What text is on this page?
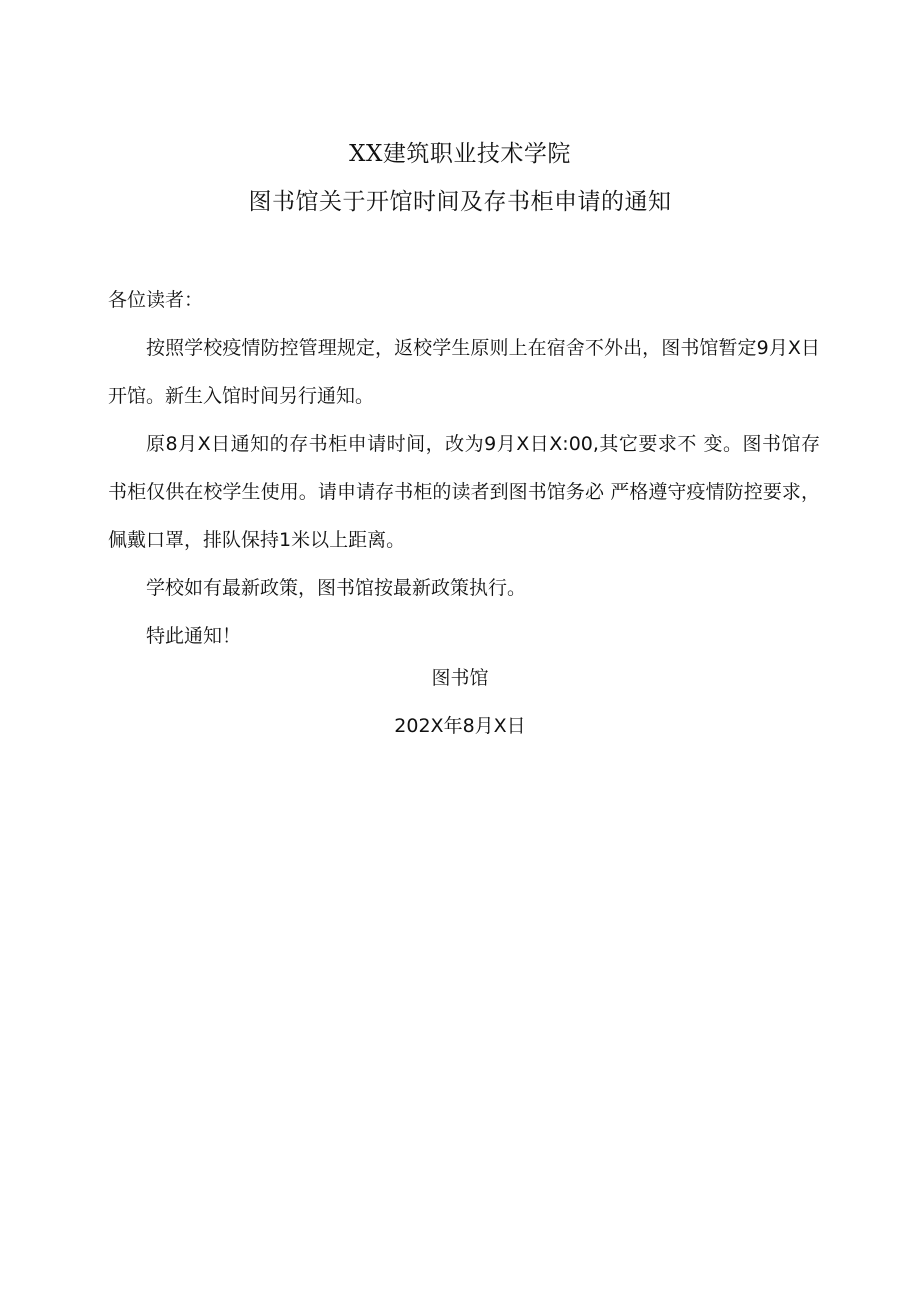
XX建筑职业技术学院
图书馆关于开馆时间及存书柜申请的通知
各位读者：

按照学校疫情防控管理规定，返校学生原则上在宿舍不外出，图书馆暂定9月X日开馆。新生入馆时间另行通知。

原8月X日通知的存书柜申请时间，改为9月X日X:00,其它要求不 变。图书馆存书柜仅供在校学生使用。请申请存书柜的读者到图书馆务必 严格遵守疫情防控要求，佩戴口罩，排队保持1米以上距离。

学校如有最新政策，图书馆按最新政策执行。

特此通知！

图书馆
202X年8月X日
